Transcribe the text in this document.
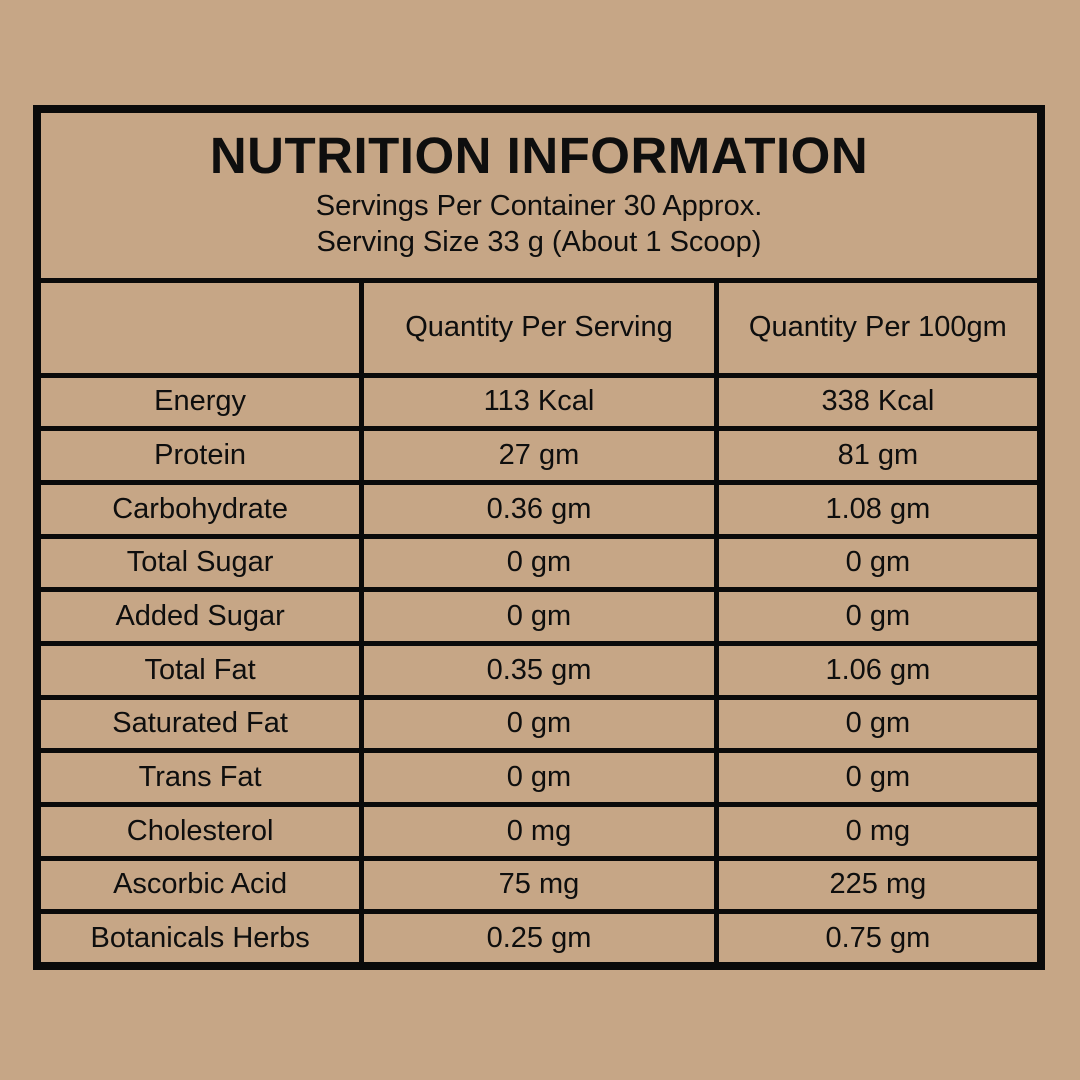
NUTRITION INFORMATION
Servings Per Container 30 Approx.
Serving Size 33 g (About 1 Scoop)
	Quantity Per Serving	Quantity Per 100gm
Energy	113 Kcal	338 Kcal
Protein	27 gm	81 gm
Carbohydrate	0.36 gm	1.08 gm
Total Sugar	0 gm	0 gm
Added Sugar	0 gm	0 gm
Total Fat	0.35 gm	1.06 gm
Saturated Fat	0 gm	0 gm
Trans Fat	0 gm	0 gm
Cholesterol	0 mg	0 mg
Ascorbic Acid	75 mg	225 mg
Botanicals Herbs	0.25 gm	0.75 gm
